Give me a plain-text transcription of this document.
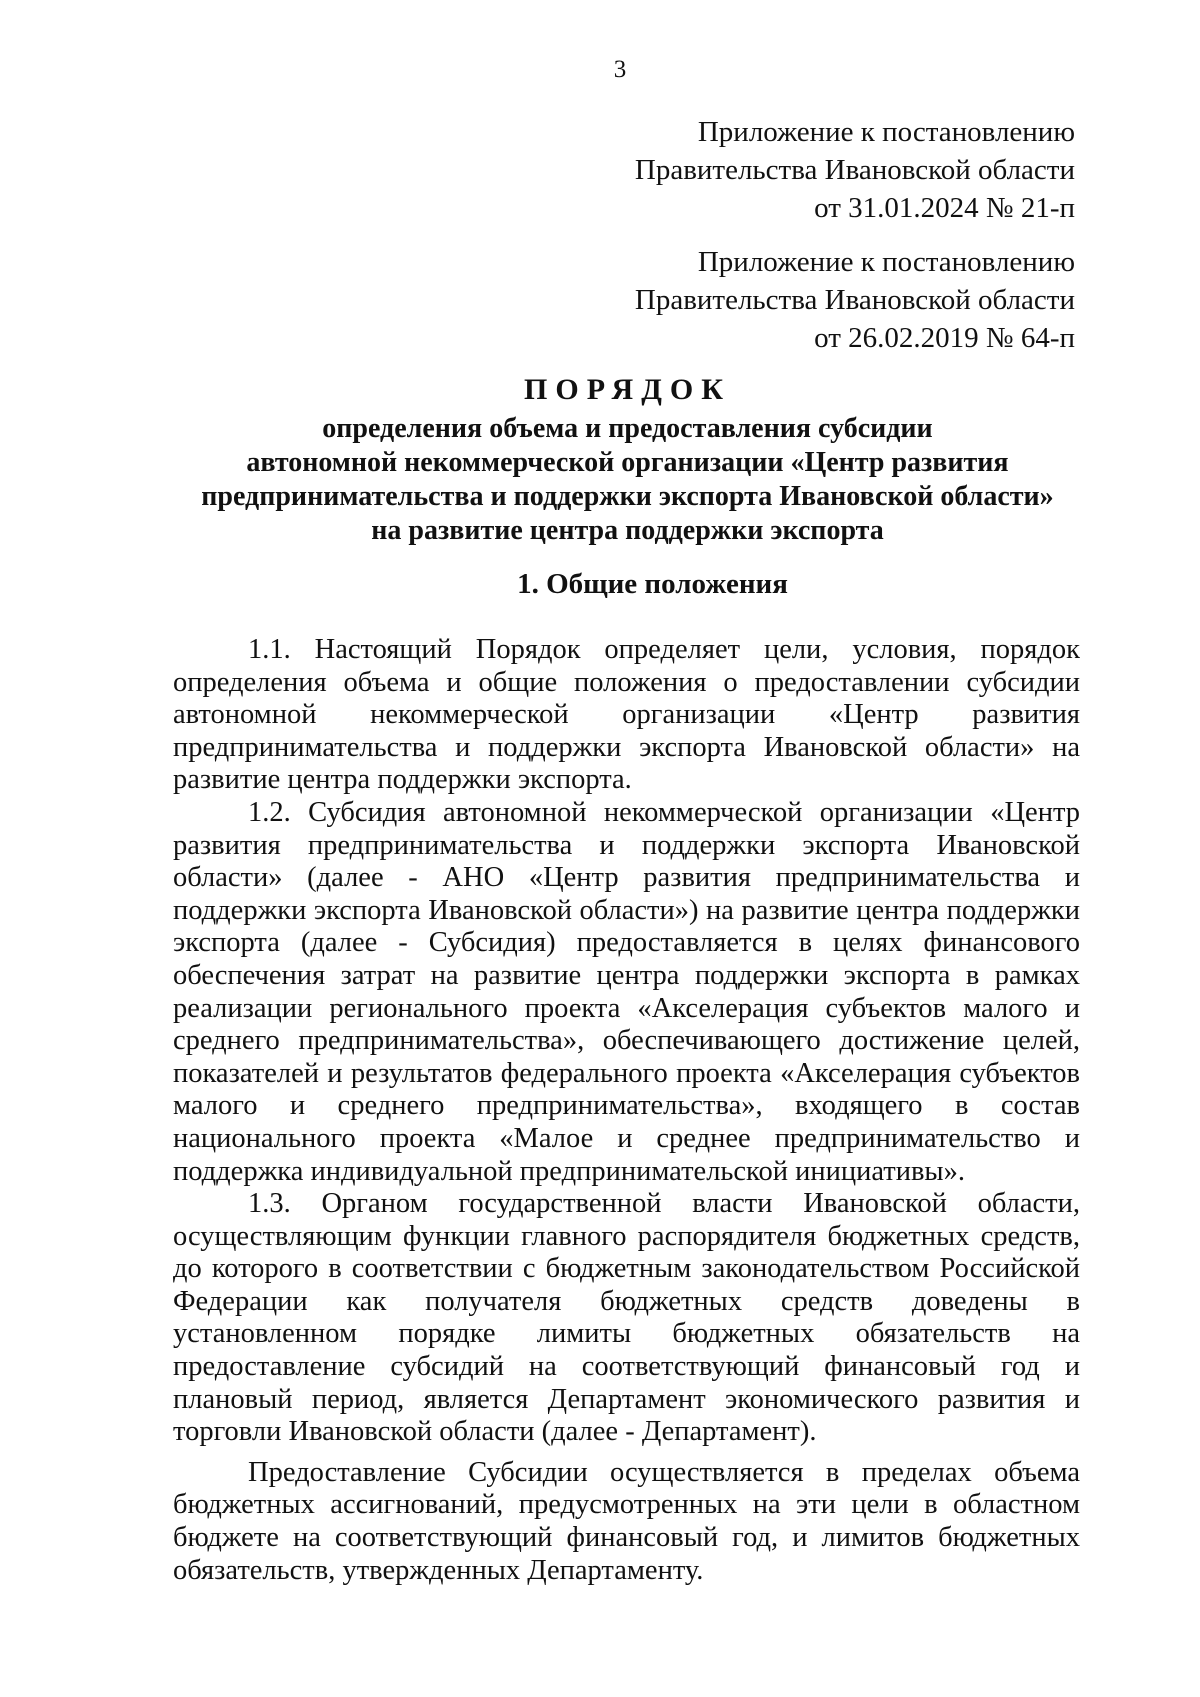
3
Приложение к постановлению
Правительства Ивановской области
от 31.01.2024 № 21-п
Приложение к постановлению
Правительства Ивановской области
от 26.02.2019 № 64-п
ПОРЯДОК
определения объема и предоставления субсидии
автономной некоммерческой организации «Центр развития
предпринимательства и поддержки экспорта Ивановской области»
на развитие центра поддержки экспорта
1. Общие положения

1.1. Настоящий Порядок определяет цели, условия, порядок определения объема и общие положения о предоставлении субсидии автономной некоммерческой организации «Центр развития предпринимательства и поддержки экспорта Ивановской области» на развитие центра поддержки экспорта.

1.2. Субсидия автономной некоммерческой организации «Центр развития предпринимательства и поддержки экспорта Ивановской области» (далее - АНО «Центр развития предпринимательства и поддержки экспорта Ивановской области») на развитие центра поддержки экспорта (далее - Субсидия) предоставляется в целях финансового обеспечения затрат на развитие центра поддержки экспорта в рамках реализации регионального проекта «Акселерация субъектов малого и среднего предпринимательства», обеспечивающего достижение целей, показателей и результатов федерального проекта «Акселерация субъектов малого и среднего предпринимательства», входящего в состав национального проекта «Малое и среднее предпринимательство и поддержка индивидуальной предпринимательской инициативы».

1.3. Органом государственной власти Ивановской области, осуществляющим функции главного распорядителя бюджетных средств, до которого в соответствии с бюджетным законодательством Российской Федерации как получателя бюджетных средств доведены в установленном порядке лимиты бюджетных обязательств на предоставление субсидий на соответствующий финансовый год и плановый период, является Департамент экономического развития и торговли Ивановской области (далее - Департамент).

Предоставление Субсидии осуществляется в пределах объема бюджетных ассигнований, предусмотренных на эти цели в областном бюджете на соответствующий финансовый год, и лимитов бюджетных обязательств, утвержденных Департаменту.
